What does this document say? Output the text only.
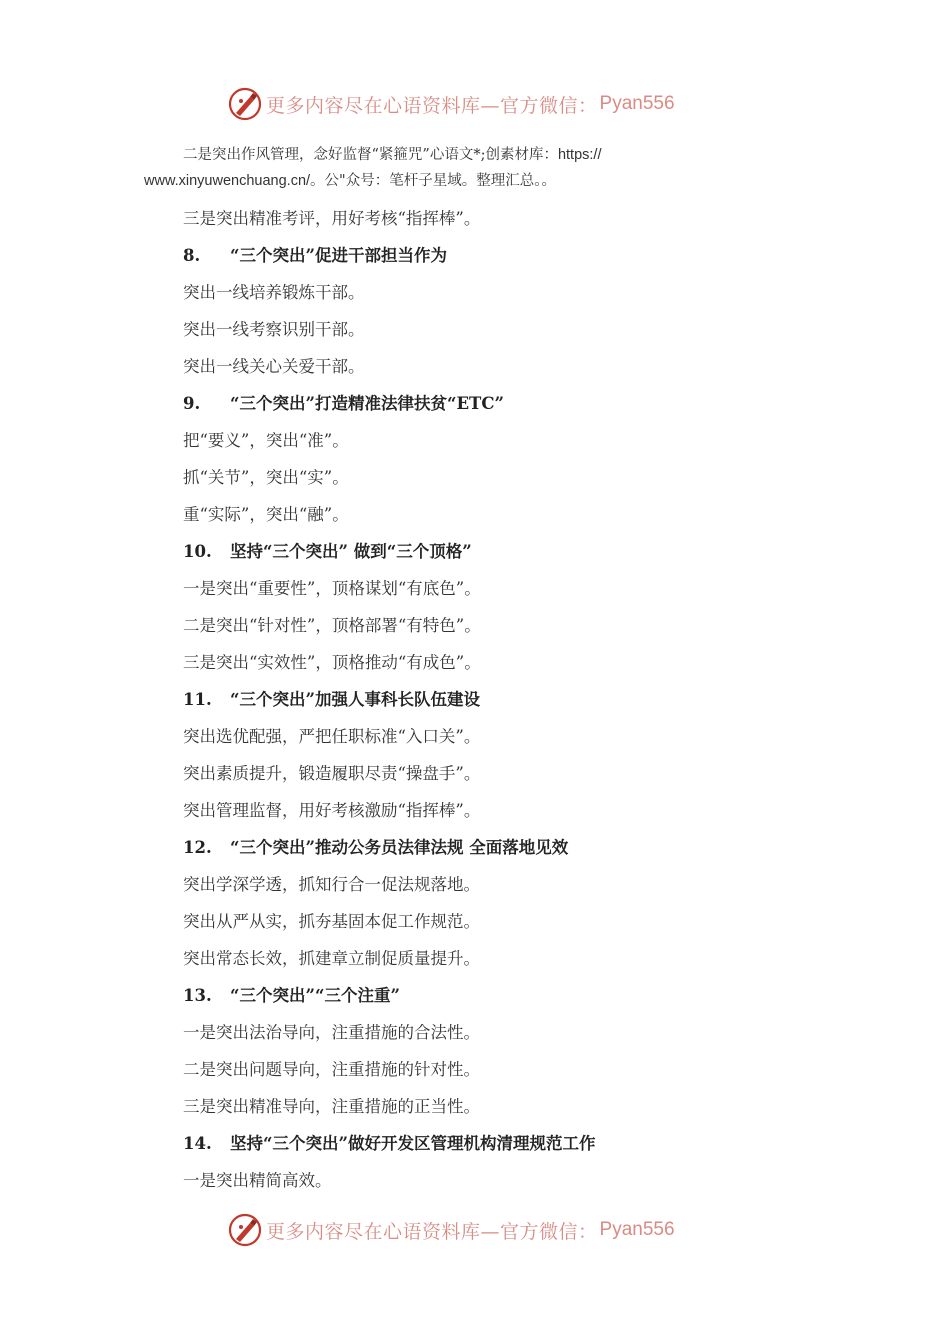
更多内容尽在心语资料库—官方微信： Pyan556
二是突出作风管理，念好监督“紧箍咒”心语文*;创素材库：https://
www.xinyuwenchuang.cn/。公"众号：笔杆子星域。整理汇总。。
三是突出精准考评，用好考核“指挥棒”。
8. “三个突出”促进干部担当作为
突出一线培养锻炼干部。
突出一线考察识别干部。
突出一线关心关爱干部。
9. “三个突出”打造精准法律扶贫“ETC”
把“要义”，突出“准”。
抓“关节”，突出“实”。
重“实际”，突出“融”。
10. 坚持“三个突出” 做到“三个顶格”
一是突出“重要性”，顶格谋划“有底色”。
二是突出“针对性”，顶格部署“有特色”。
三是突出“实效性”，顶格推动“有成色”。
11. “三个突出”加强人事科长队伍建设
突出选优配强，严把任职标准“入口关”。
突出素质提升，锻造履职尽责“操盘手”。
突出管理监督，用好考核激励“指挥棒”。
12. “三个突出”推动公务员法律法规 全面落地见效
突出学深学透，抓知行合一促法规落地。
突出从严从实，抓夯基固本促工作规范。
突出常态长效，抓建章立制促质量提升。
13. “三个突出”“三个注重”
一是突出法治导向，注重措施的合法性。
二是突出问题导向，注重措施的针对性。
三是突出精准导向，注重措施的正当性。
14. 坚持“三个突出”做好开发区管理机构清理规范工作
一是突出精简高效。
更多内容尽在心语资料库—官方微信： Pyan556
